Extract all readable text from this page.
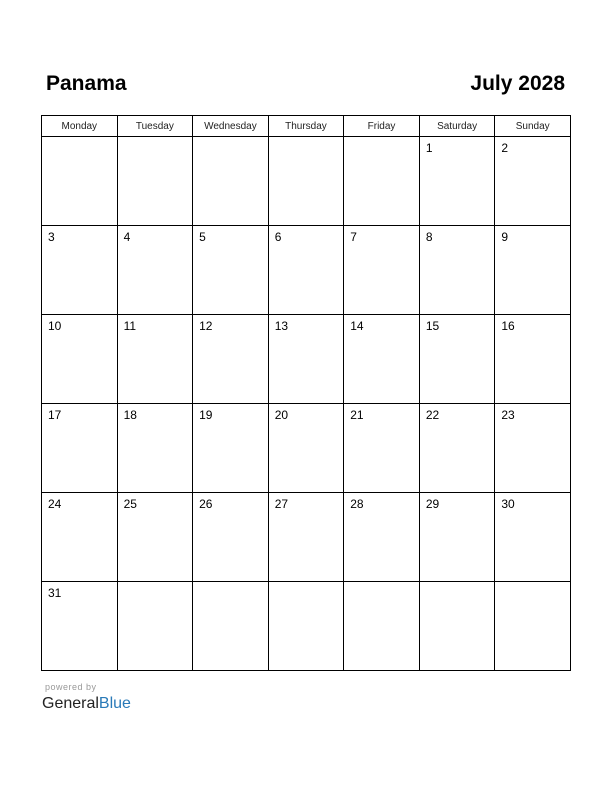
Panama	July 2028
Monday	Tuesday	Wednesday	Thursday	Friday	Saturday	Sunday

					1	2

3	4	5	6	7	8	9

10	11	12	13	14	15	16

17	18	19	20	21	22	23

24	25	26	27	28	29	30

31						

powered by
GeneralBlue
